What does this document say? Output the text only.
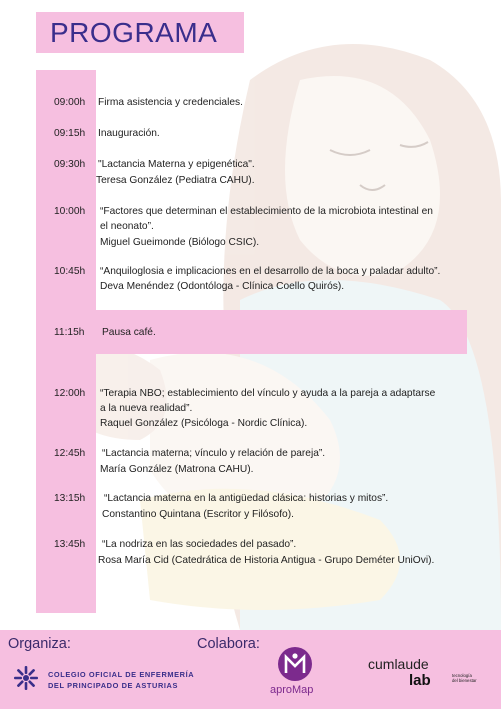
PROGRAMA
09:00h	Firma asistencia y credenciales.
09:15h	Inauguración.
09:30h	"Lactancia Materna y epigenética".
Teresa González (Pediatra CAHU).
10:00h	“Factores que determinan el establecimiento de la microbiota intestinal en
el neonato”.
Miguel Gueimonde (Biólogo CSIC).
10:45h	“Anquiloglosia e implicaciones en el desarrollo de la boca y paladar adulto”.
Deva Menéndez (Odontóloga - Clínica Coello Quirós).
11:15h	Pausa café.
12:00h	“Terapia NBO; establecimiento del vínculo y ayuda a la pareja a adaptarse
a la nueva realidad”.
Raquel González (Psicóloga - Nordic Clínica).
12:45h	“Lactancia materna; vínculo y relación de pareja”.
María González (Matrona CAHU).
13:15h	“Lactancia materna en la antigüedad clásica: historias y mitos”.
Constantino Quintana (Escritor y Filósofo).
13:45h	“La nodriza en las sociedades del pasado”.
Rosa María Cid (Catedrática de Historia Antigua - Grupo Deméter UniOvi).
Organiza:	Colabora:
COLEGIO OFICIAL DE ENFERMERÍA
DEL PRINCIPADO DE ASTURIAS	aproMap
cumlaude
lab	tecnología
del bienestar
